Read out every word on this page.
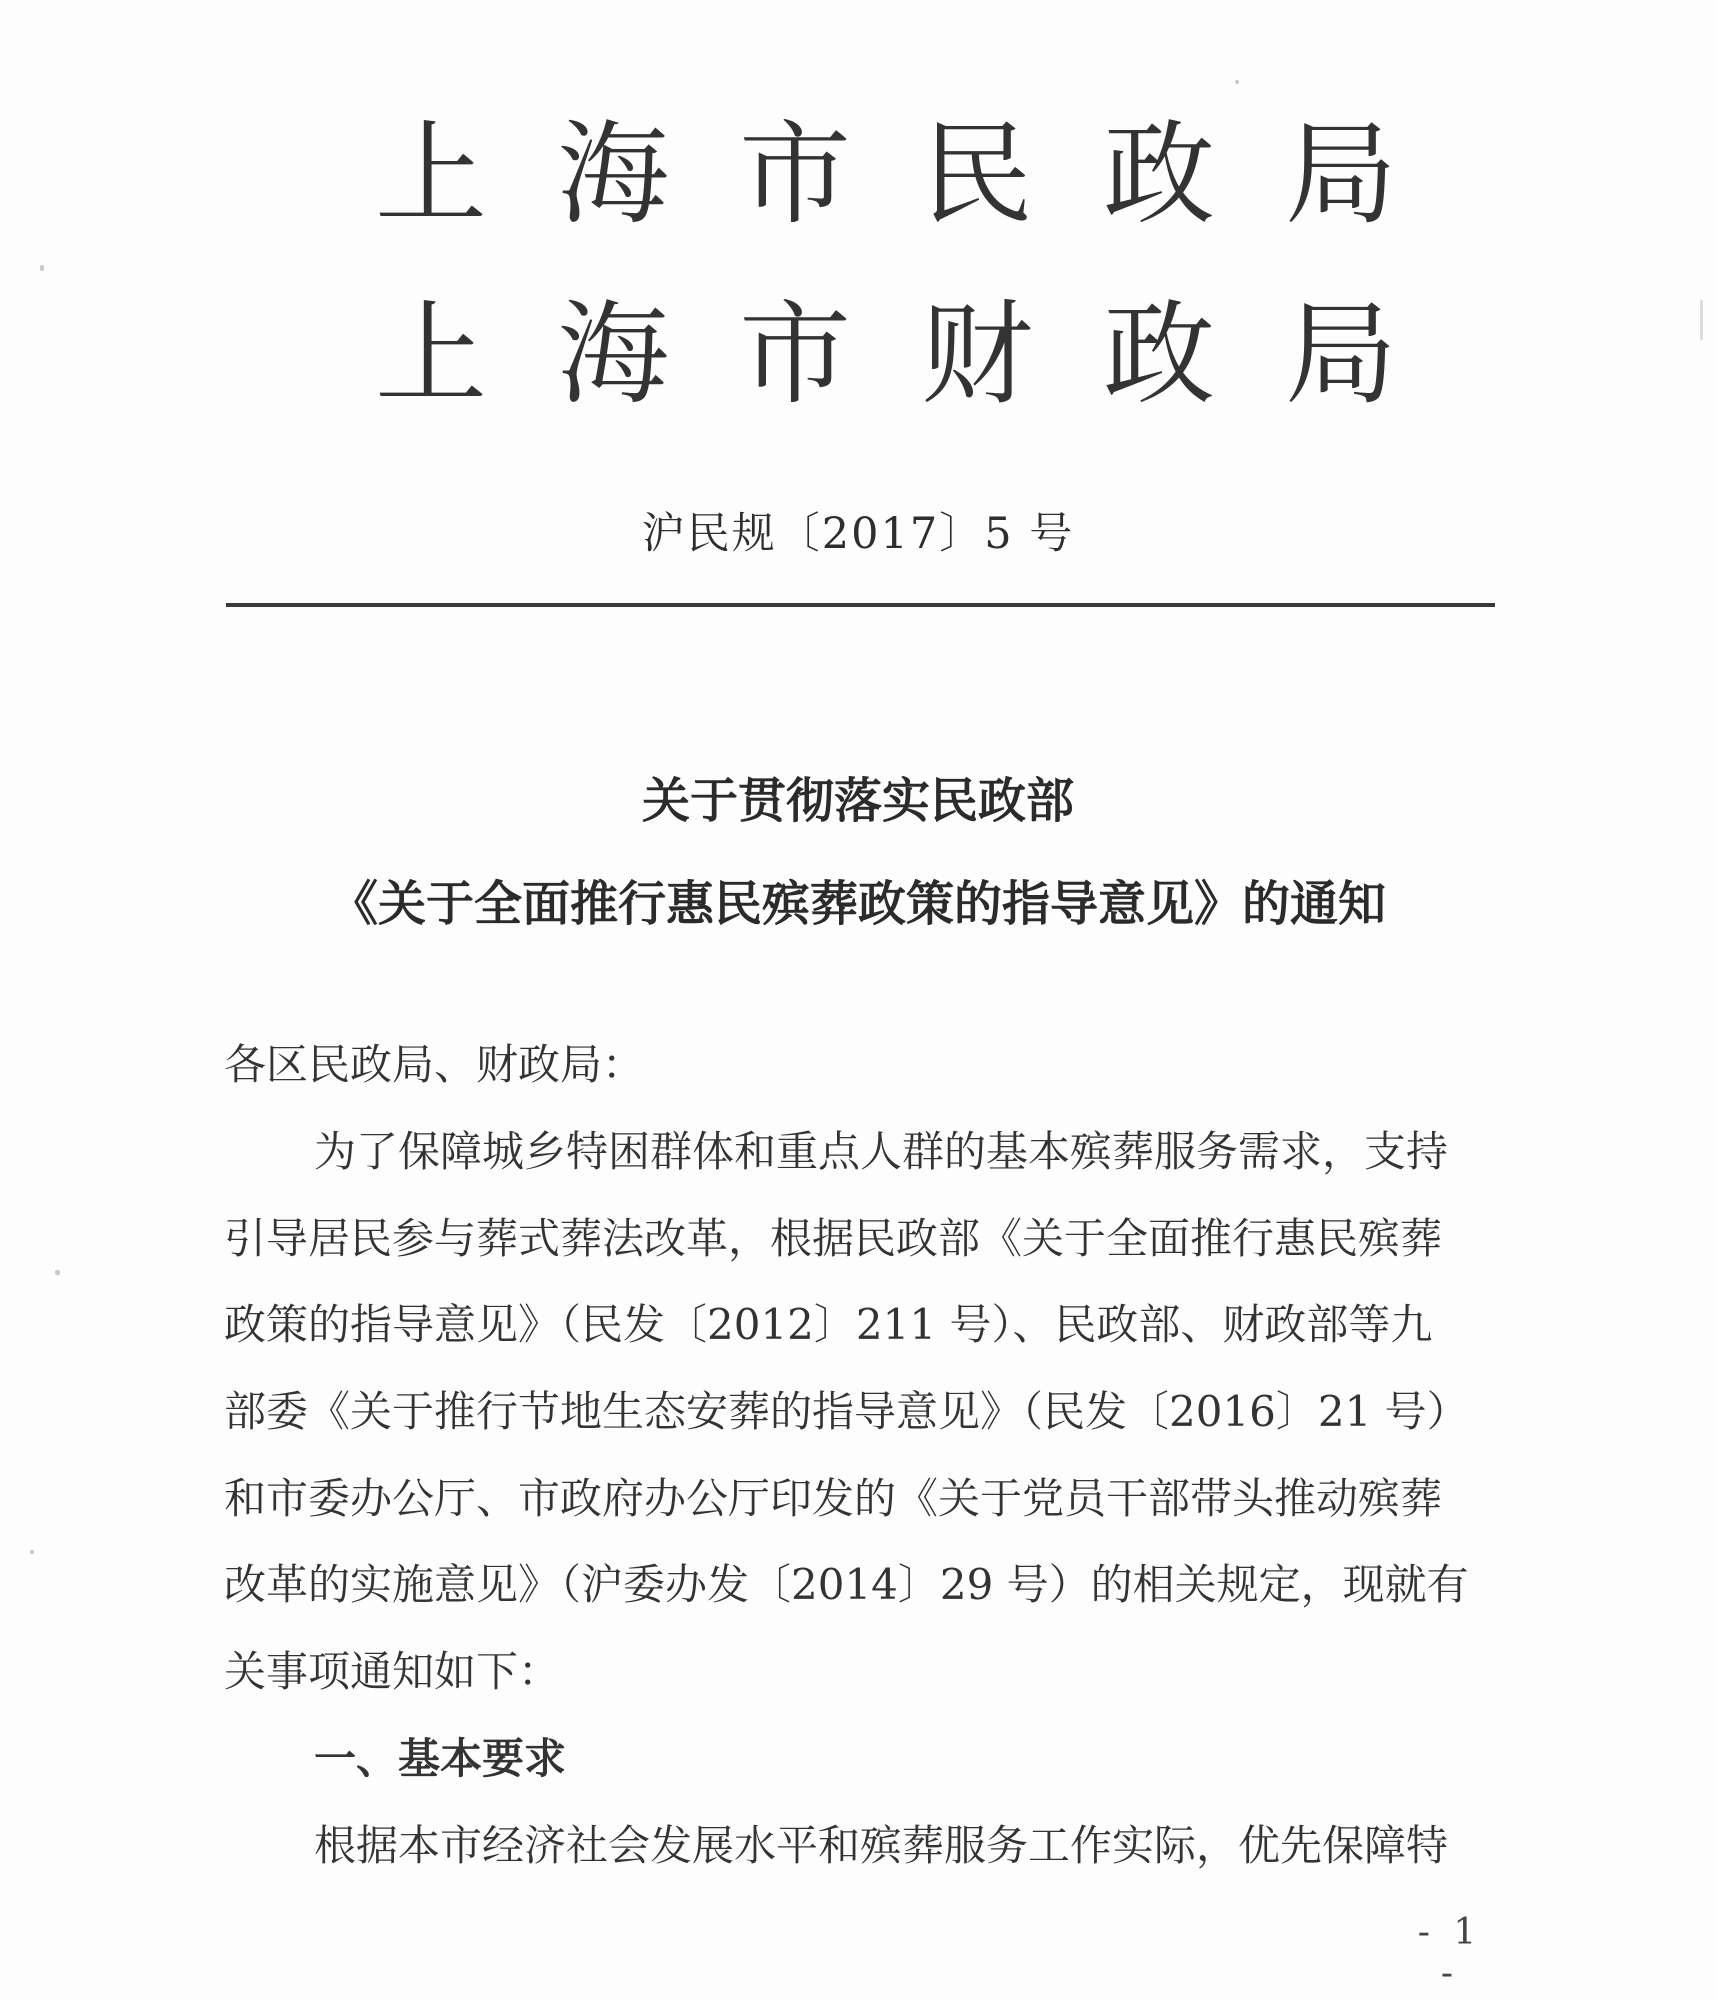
上 海 市 民 政 局
上 海 市 财 政 局
沪民规〔2017〕5 号
关于贯彻落实民政部
《关于全面推行惠民殡葬政策的指导意见》的通知
各区民政局、财政局：
为了保障城乡特困群体和重点人群的基本殡葬服务需求，支持
引导居民参与葬式葬法改革，根据民政部《关于全面推行惠民殡葬
政策的指导意见》（民发〔2012〕211 号）、民政部、财政部等九
部委《关于推行节地生态安葬的指导意见》（民发〔2016〕21 号）
和市委办公厅、市政府办公厅印发的《关于党员干部带头推动殡葬
改革的实施意见》（沪委办发〔2014〕29 号）的相关规定，现就有
关事项通知如下：
一、基本要求
根据本市经济社会发展水平和殡葬服务工作实际，优先保障特
- 1 -
